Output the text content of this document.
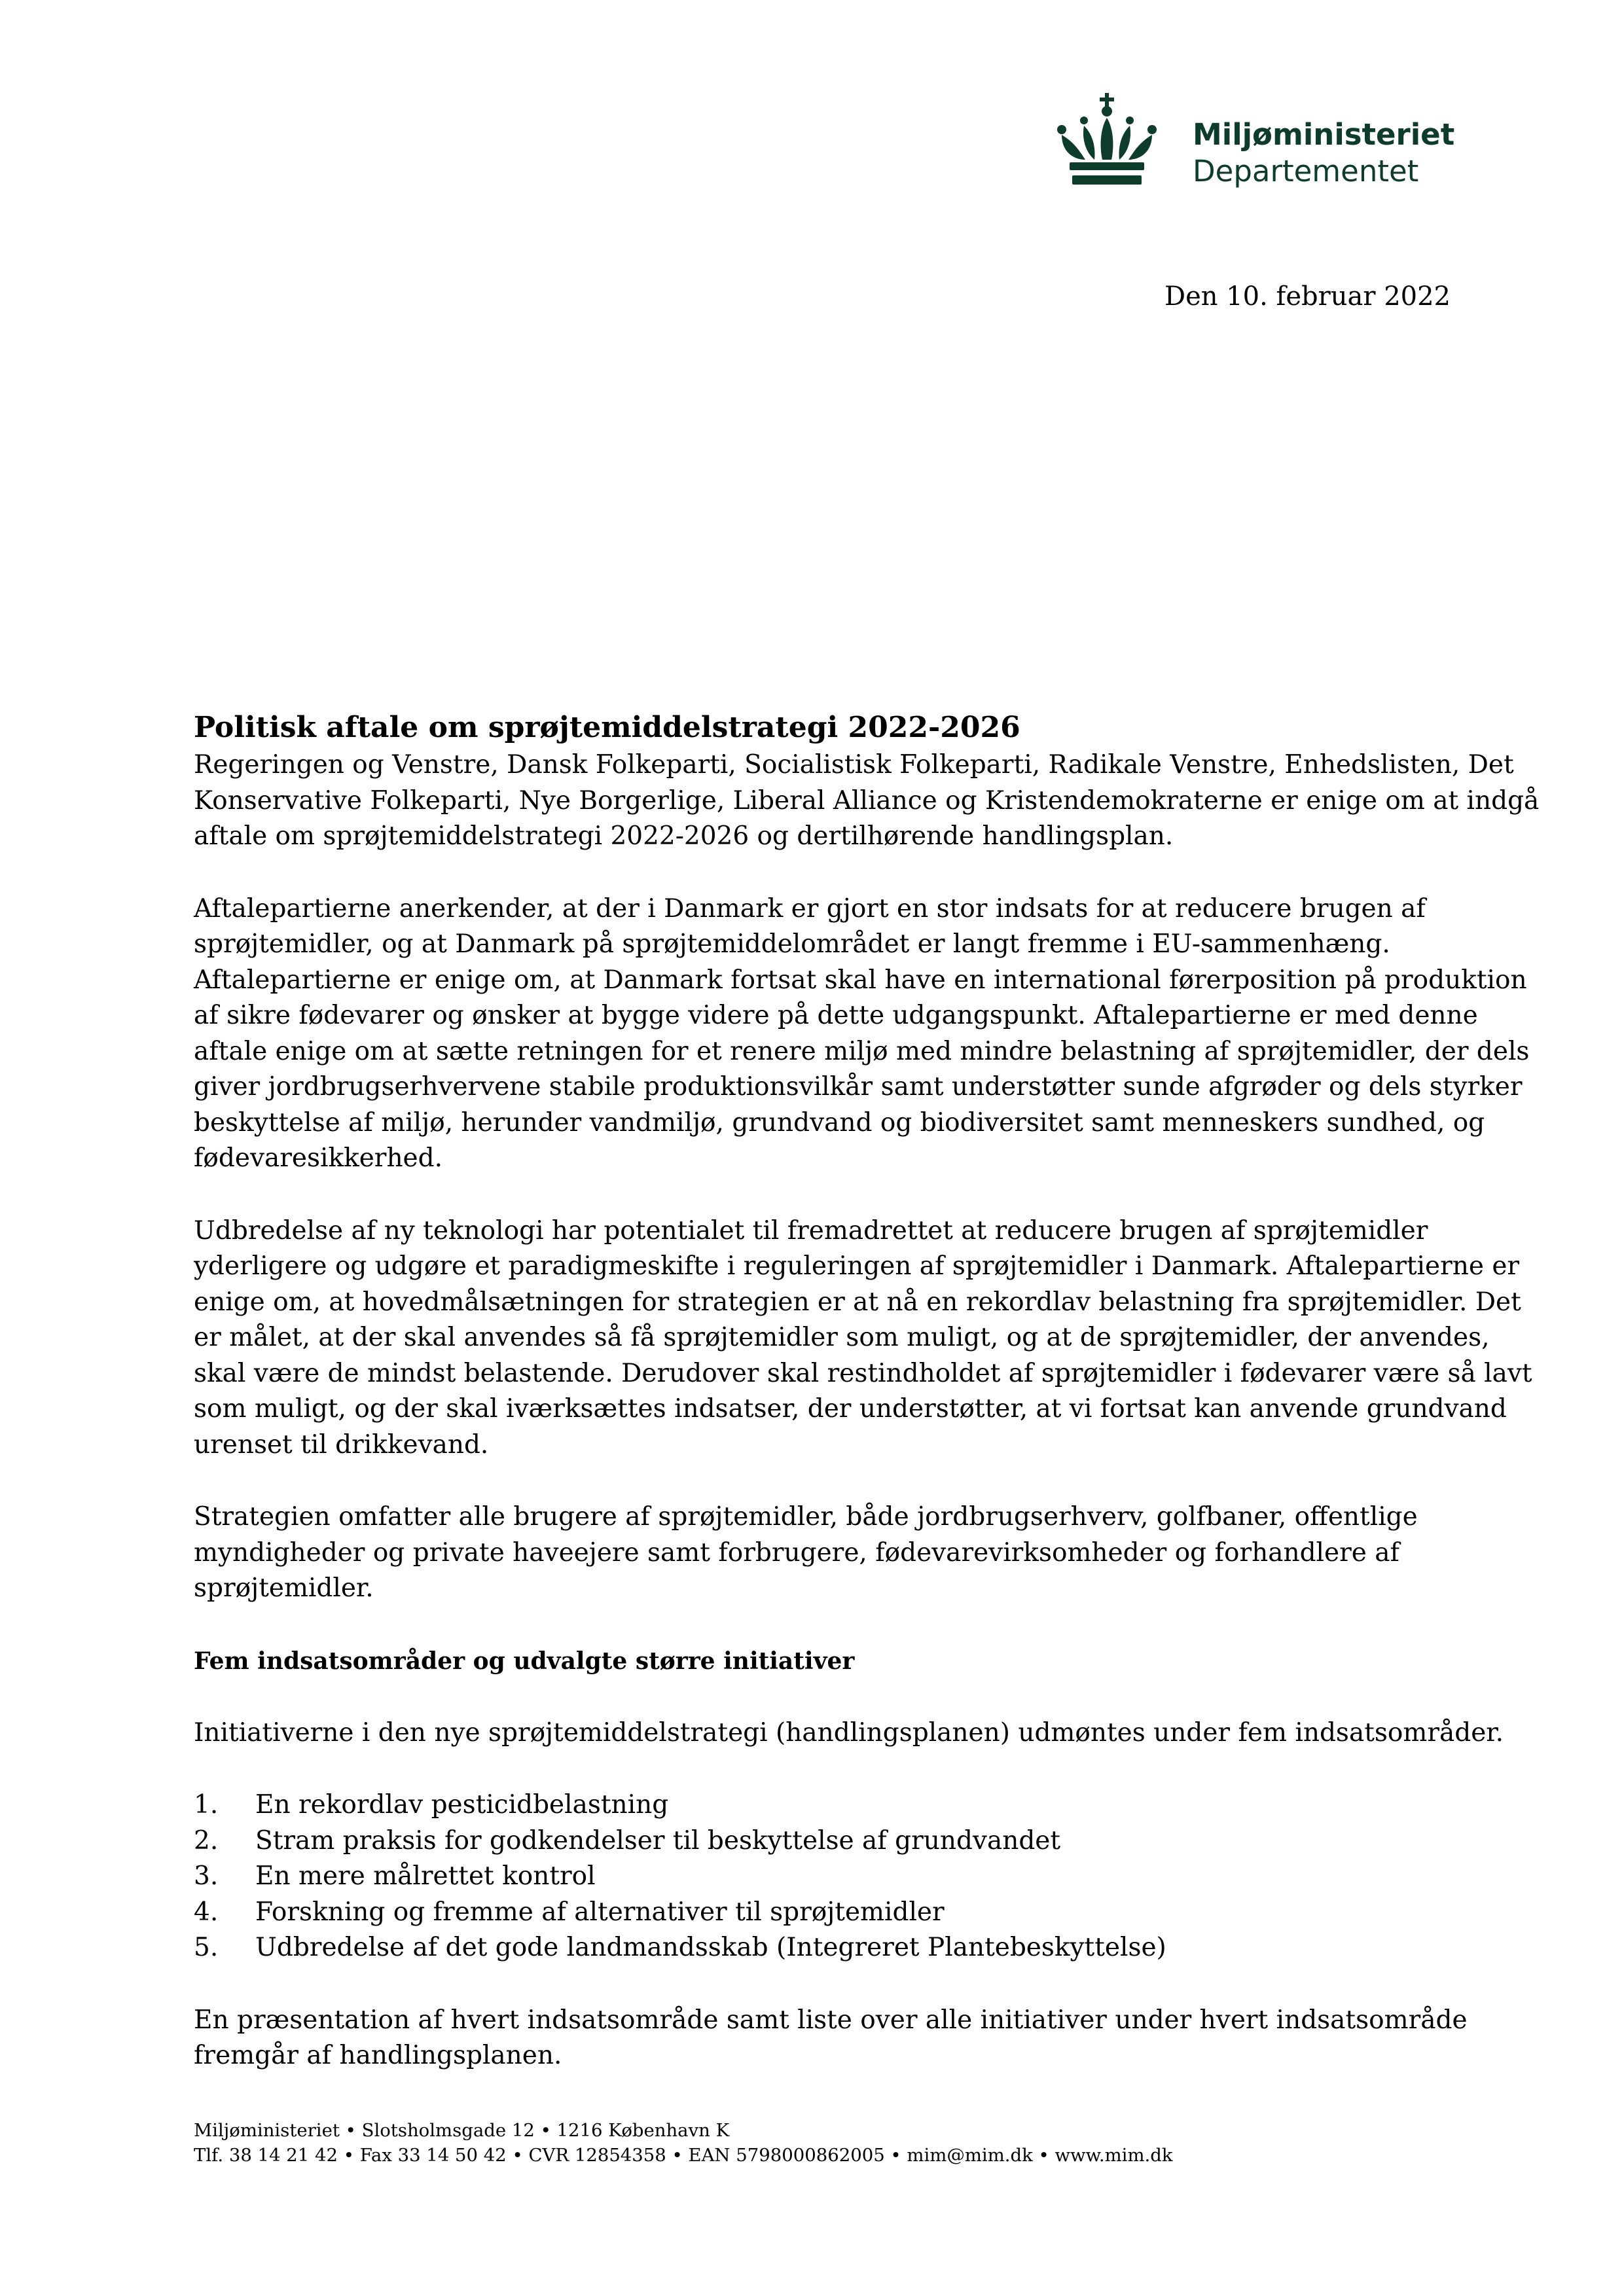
Miljøministeriet
Departementet
Den 10. februar 2022
Politisk aftale om sprøjtemiddelstrategi 2022-2026

Regeringen og Venstre, Dansk Folkeparti, Socialistisk Folkeparti, Radikale Venstre, Enhedslisten, Det
Konservative Folkeparti, Nye Borgerlige, Liberal Alliance og Kristendemokraterne er enige om at indgå
aftale om sprøjtemiddelstrategi 2022-2026 og dertilhørende handlingsplan.

Aftalepartierne anerkender, at der i Danmark er gjort en stor indsats for at reducere brugen af
sprøjtemidler, og at Danmark på sprøjtemiddelområdet er langt fremme i EU-sammenhæng.
Aftalepartierne er enige om, at Danmark fortsat skal have en international førerposition på produktion
af sikre fødevarer og ønsker at bygge videre på dette udgangspunkt. Aftalepartierne er med denne
aftale enige om at sætte retningen for et renere miljø med mindre belastning af sprøjtemidler, der dels
giver jordbrugserhvervene stabile produktionsvilkår samt understøtter sunde afgrøder og dels styrker
beskyttelse af miljø, herunder vandmiljø, grundvand og biodiversitet samt menneskers sundhed, og
fødevaresikkerhed.

Udbredelse af ny teknologi har potentialet til fremadrettet at reducere brugen af sprøjtemidler
yderligere og udgøre et paradigmeskifte i reguleringen af sprøjtemidler i Danmark. Aftalepartierne er
enige om, at hovedmålsætningen for strategien er at nå en rekordlav belastning fra sprøjtemidler. Det
er målet, at der skal anvendes så få sprøjtemidler som muligt, og at de sprøjtemidler, der anvendes,
skal være de mindst belastende. Derudover skal restindholdet af sprøjtemidler i fødevarer være så lavt
som muligt, og der skal iværksættes indsatser, der understøtter, at vi fortsat kan anvende grundvand
urenset til drikkevand.

Strategien omfatter alle brugere af sprøjtemidler, både jordbrugserhverv, golfbaner, offentlige
myndigheder og private haveejere samt forbrugere, fødevarevirksomheder og forhandlere af
sprøjtemidler.

Fem indsatsområder og udvalgte større initiativer

Initiativerne i den nye sprøjtemiddelstrategi (handlingsplanen) udmøntes under fem indsatsområder.

1. En rekordlav pesticidbelastning
2. Stram praksis for godkendelser til beskyttelse af grundvandet
3. En mere målrettet kontrol
4. Forskning og fremme af alternativer til sprøjtemidler
5. Udbredelse af det gode landmandsskab (Integreret Plantebeskyttelse)

En præsentation af hvert indsatsområde samt liste over alle initiativer under hvert indsatsområde
fremgår af handlingsplanen.

Miljøministeriet • Slotsholmsgade 12 • 1216 København K
Tlf. 38 14 21 42 • Fax 33 14 50 42 • CVR 12854358 • EAN 5798000862005 • mim@mim.dk • www.mim.dk
